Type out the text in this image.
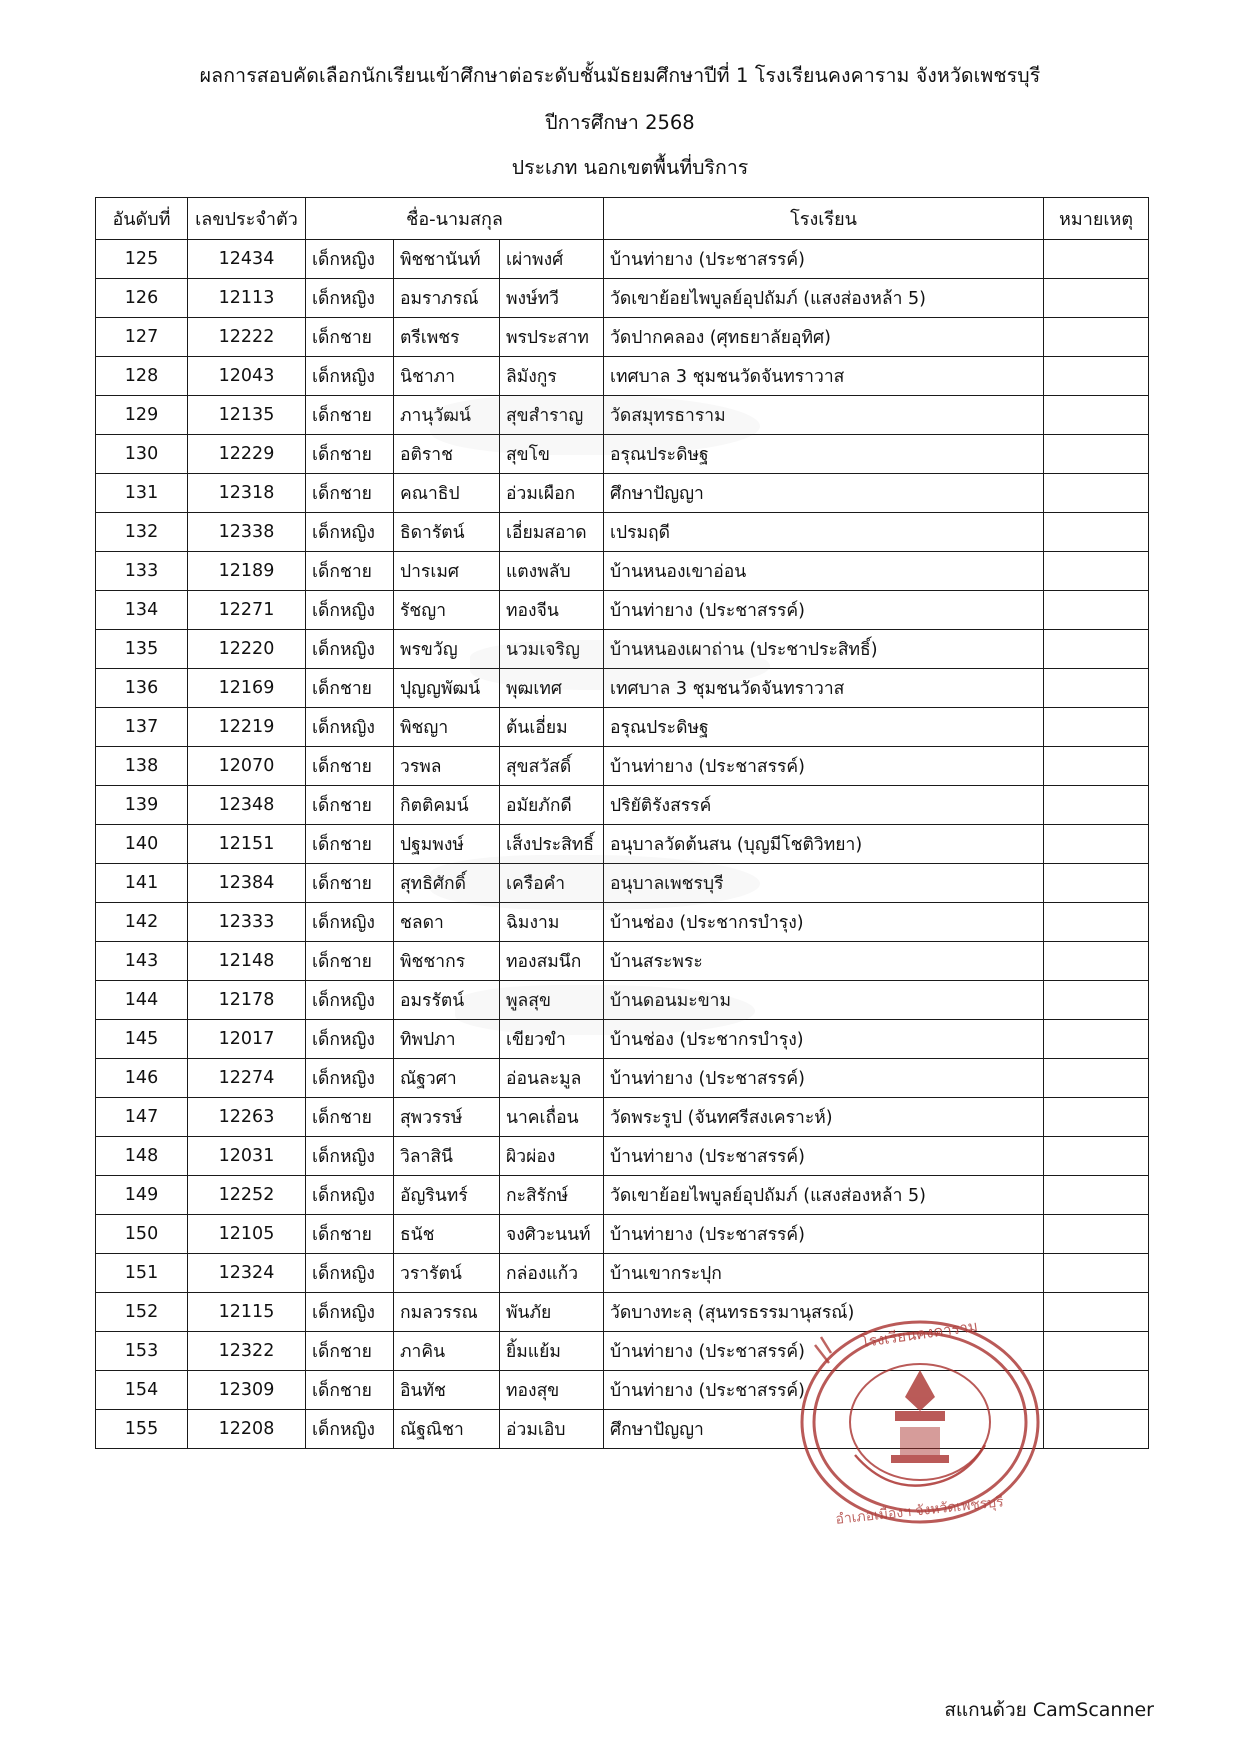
ผลการสอบคัดเลือกนักเรียนเข้าศึกษาต่อระดับชั้นมัธยมศึกษาปีที่ 1 โรงเรียนคงคาราม จังหวัดเพชรบุรี
ปีการศึกษา 2568
ประเภท นอกเขตพื้นที่บริการ
อันดับที่	เลขประจำตัว	ชื่อ-นามสกุล			โรงเรียน	หมายเหตุ
125	12434	เด็กหญิง	พิชชานันท์	เผ่าพงศ์	บ้านท่ายาง (ประชาสรรค์)	
126	12113	เด็กหญิง	อมราภรณ์	พงษ์ทวี	วัดเขาย้อยไพบูลย์อุปถัมภ์ (แสงส่องหล้า 5)	
127	12222	เด็กชาย	ตรีเพชร	พรประสาท	วัดปากคลอง (ศุทธยาลัยอุทิศ)	
128	12043	เด็กหญิง	นิชาภา	ลิมังกูร	เทศบาล 3 ชุมชนวัดจันทราวาส	
129	12135	เด็กชาย	ภานุวัฒน์	สุขสำราญ	วัดสมุทรธาราม	
130	12229	เด็กชาย	อติราช	สุขโข	อรุณประดิษฐ	
131	12318	เด็กชาย	คณาธิป	อ่วมเผือก	ศึกษาปัญญา	
132	12338	เด็กหญิง	ธิดารัตน์	เอี่ยมสอาด	เปรมฤดี	
133	12189	เด็กชาย	ปารเมศ	แตงพลับ	บ้านหนองเขาอ่อน	
134	12271	เด็กหญิง	รัชญา	ทองจีน	บ้านท่ายาง (ประชาสรรค์)	
135	12220	เด็กหญิง	พรขวัญ	นวมเจริญ	บ้านหนองเผาถ่าน (ประชาประสิทธิ์)	
136	12169	เด็กชาย	ปุญญพัฒน์	พุฒเทศ	เทศบาล 3 ชุมชนวัดจันทราวาส	
137	12219	เด็กหญิง	พิชญา	ต้นเอี่ยม	อรุณประดิษฐ	
138	12070	เด็กชาย	วรพล	สุขสวัสดิ์	บ้านท่ายาง (ประชาสรรค์)	
139	12348	เด็กชาย	กิตติคมน์	อมัยภักดี	ปริยัติรังสรรค์	
140	12151	เด็กชาย	ปฐมพงษ์	เส็งประสิทธิ์	อนุบาลวัดต้นสน (บุญมีโชติวิทยา)	
141	12384	เด็กชาย	สุทธิศักดิ์	เครือคำ	อนุบาลเพชรบุรี	
142	12333	เด็กหญิง	ชลดา	ฉิมงาม	บ้านช่อง (ประชากรบำรุง)	
143	12148	เด็กชาย	พิชชากร	ทองสมนึก	บ้านสระพระ	
144	12178	เด็กหญิง	อมรรัตน์	พูลสุข	บ้านดอนมะขาม	
145	12017	เด็กหญิง	ทิพปภา	เขียวขำ	บ้านช่อง (ประชากรบำรุง)	
146	12274	เด็กหญิง	ณัฐวศา	อ่อนละมูล	บ้านท่ายาง (ประชาสรรค์)	
147	12263	เด็กชาย	สุพวรรษ์	นาคเถื่อน	วัดพระรูป (จันทศรีสงเคราะห์)	
148	12031	เด็กหญิง	วิลาสินี	ผิวผ่อง	บ้านท่ายาง (ประชาสรรค์)	
149	12252	เด็กหญิง	อัญรินทร์	กะสิรักษ์	วัดเขาย้อยไพบูลย์อุปถัมภ์ (แสงส่องหล้า 5)	
150	12105	เด็กชาย	ธนัช	จงศิวะนนท์	บ้านท่ายาง (ประชาสรรค์)	
151	12324	เด็กหญิง	วรารัตน์	กล่องแก้ว	บ้านเขากระปุก	
152	12115	เด็กหญิง	กมลวรรณ	พันภัย	วัดบางทะลุ (สุนทรธรรมานุสรณ์)	
153	12322	เด็กชาย	ภาคิน	ยิ้มแย้ม	บ้านท่ายาง (ประชาสรรค์)	
154	12309	เด็กชาย	อินทัช	ทองสุข	บ้านท่ายาง (ประชาสรรค์)	
155	12208	เด็กหญิง	ณัฐณิชา	อ่วมเอิบ	ศึกษาปัญญา	
โรงเรียนคงคาราม
อำเภอเมืองฯ จังหวัดเพชรบุรี
สแกนด้วย CamScanner
